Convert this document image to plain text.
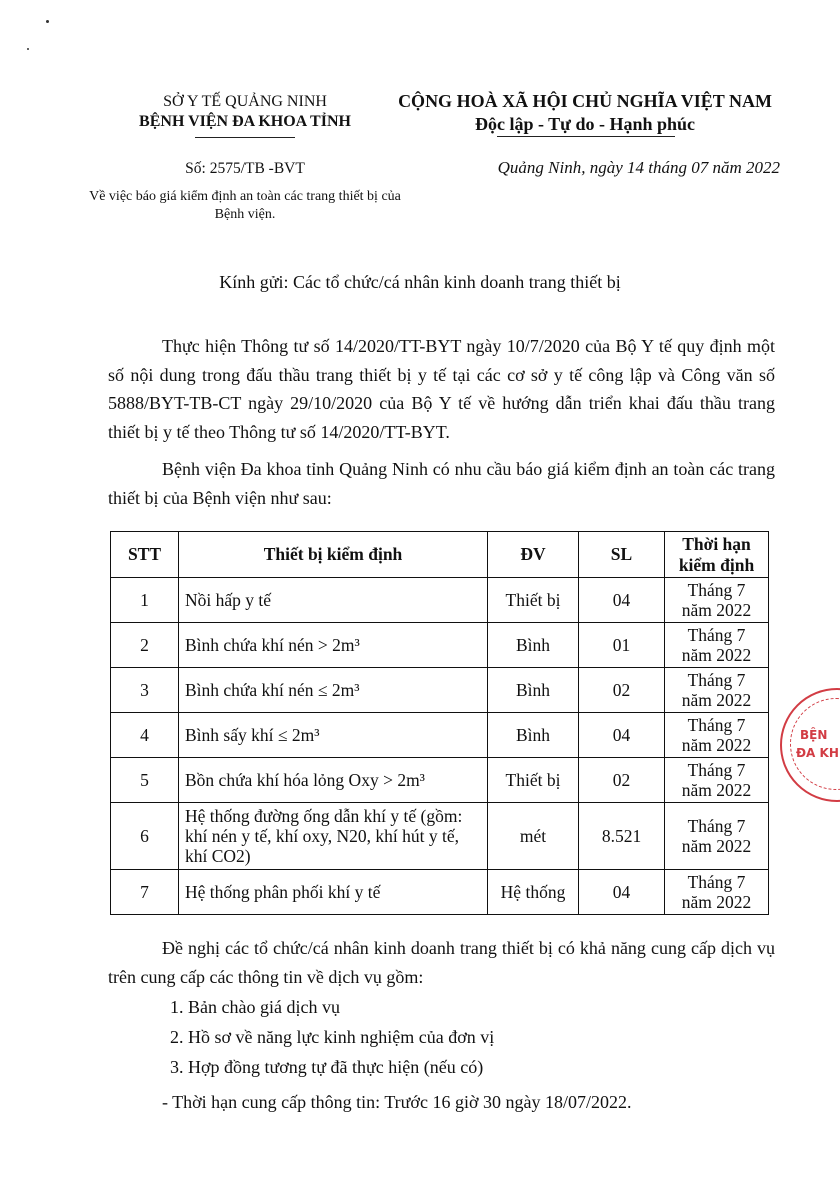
SỞ Y TẾ QUẢNG NINH
BỆNH VIỆN ĐA KHOA TỈNH
Số: 2575/TB -BVT
Về việc báo giá kiểm định an toàn các trang thiết bị của Bệnh viện.
CỘNG HOÀ XÃ HỘI CHỦ NGHĨA VIỆT NAM
Độc lập - Tự do - Hạnh phúc
Quảng Ninh, ngày 14 tháng 07 năm 2022
Kính gửi: Các tổ chức/cá nhân kinh doanh trang thiết bị
Thực hiện Thông tư số 14/2020/TT-BYT ngày 10/7/2020 của Bộ Y tế quy định một số nội dung trong đấu thầu trang thiết bị y tế tại các cơ sở y tế công lập và Công văn số 5888/BYT-TB-CT ngày 29/10/2020 của Bộ Y tế về hướng dẫn triển khai đấu thầu trang thiết bị y tế theo Thông tư số 14/2020/TT-BYT.
Bệnh viện Đa khoa tỉnh Quảng Ninh có nhu cầu báo giá kiểm định an toàn các trang thiết bị của Bệnh viện như sau:
STT	Thiết bị kiểm định	ĐV	SL	Thời hạn kiểm định
1	Nồi hấp y tế	Thiết bị	04	Tháng 7 năm 2022
2	Bình chứa khí nén > 2m³	Bình	01	Tháng 7 năm 2022
3	Bình chứa khí nén ≤ 2m³	Bình	02	Tháng 7 năm 2022
4	Bình sấy khí ≤ 2m³	Bình	04	Tháng 7 năm 2022
5	Bồn chứa khí hóa lỏng Oxy > 2m³	Thiết bị	02	Tháng 7 năm 2022
6	Hệ thống đường ống dẫn khí y tế (gồm: khí nén y tế, khí oxy, N20, khí hút y tế, khí CO2)	mét	8.521	Tháng 7 năm 2022
7	Hệ thống phân phối khí y tế	Hệ thống	04	Tháng 7 năm 2022
Đề nghị các tổ chức/cá nhân kinh doanh trang thiết bị có khả năng cung cấp dịch vụ trên cung cấp các thông tin về dịch vụ gồm:
1. Bản chào giá dịch vụ
2. Hồ sơ về năng lực kinh nghiệm của đơn vị
3. Hợp đồng tương tự đã thực hiện (nếu có)
- Thời hạn cung cấp thông tin: Trước 16 giờ 30 ngày 18/07/2022.
BỆN
ĐA KH
